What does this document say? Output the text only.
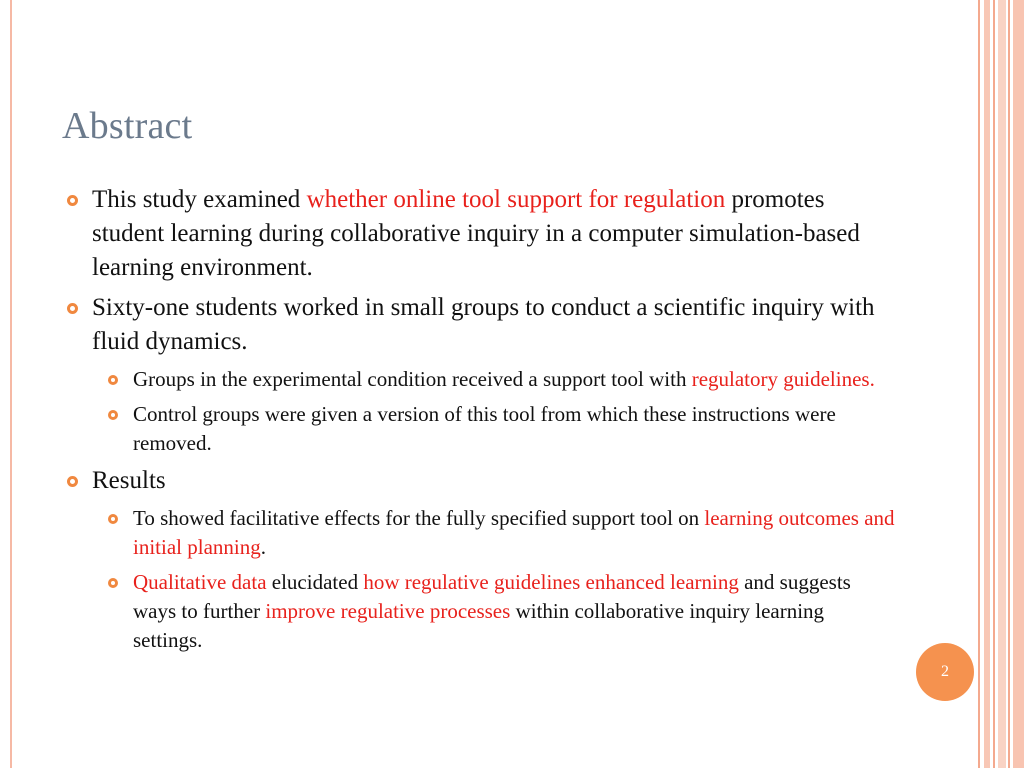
Abstract
This study examined whether online tool support for regulation promotes student learning during collaborative inquiry in a computer simulation-based learning environment.
Sixty-one students worked in small groups to conduct a scientific inquiry with fluid dynamics.
Groups in the experimental condition received a support tool with regulatory guidelines.
Control groups were given a version of this tool from which these instructions were removed.
Results
To showed facilitative effects for the fully specified support tool on learning outcomes and initial planning.
Qualitative data elucidated how regulative guidelines enhanced learning and suggests ways to further improve regulative processes within collaborative inquiry learning settings.
2
